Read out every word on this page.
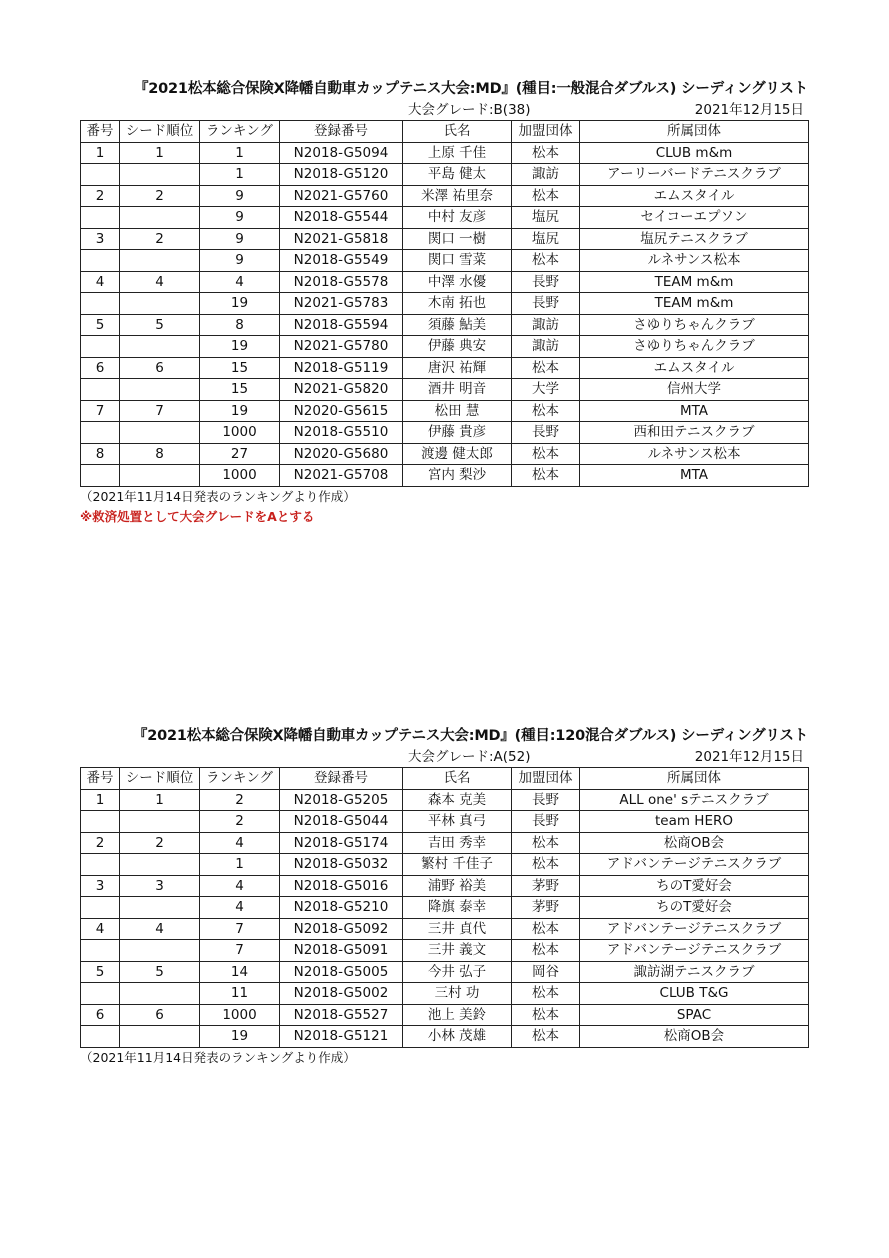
『2021松本総合保険X降幡自動車カップテニス大会:MD』(種目:一般混合ダブルス) シーディングリスト
大会グレード:B(38)	2021年12月15日
番号	シード順位	ランキング	登録番号	氏名	加盟団体	所属団体
1	1	1	N2018-G5094	上原 千佳	松本	CLUB m&m
		1	N2018-G5120	平島 健太	諏訪	アーリーバードテニスクラブ
2	2	9	N2021-G5760	米澤 祐里奈	松本	エムスタイル
		9	N2018-G5544	中村 友彦	塩尻	セイコーエプソン
3	2	9	N2021-G5818	関口 一樹	塩尻	塩尻テニスクラブ
		9	N2018-G5549	関口 雪菜	松本	ルネサンス松本
4	4	4	N2018-G5578	中澤 水優	長野	TEAM m&m
		19	N2021-G5783	木南 拓也	長野	TEAM m&m
5	5	8	N2018-G5594	須藤 鮎美	諏訪	さゆりちゃんクラブ
		19	N2021-G5780	伊藤 典安	諏訪	さゆりちゃんクラブ
6	6	15	N2018-G5119	唐沢 祐輝	松本	エムスタイル
		15	N2021-G5820	酒井 明音	大学	信州大学
7	7	19	N2020-G5615	松田 慧	松本	MTA
		1000	N2018-G5510	伊藤 貴彦	長野	西和田テニスクラブ
8	8	27	N2020-G5680	渡邊 健太郎	松本	ルネサンス松本
		1000	N2021-G5708	宮内 梨沙	松本	MTA
（2021年11月14日発表のランキングより作成）
※救済処置として大会グレードをAとする
『2021松本総合保険X降幡自動車カップテニス大会:MD』(種目:120混合ダブルス) シーディングリスト
大会グレード:A(52)	2021年12月15日
番号	シード順位	ランキング	登録番号	氏名	加盟団体	所属団体
1	1	2	N2018-G5205	森本 克美	長野	ALL one' sテニスクラブ
		2	N2018-G5044	平林 真弓	長野	team HERO
2	2	4	N2018-G5174	吉田 秀幸	松本	松商OB会
		1	N2018-G5032	繁村 千佳子	松本	アドバンテージテニスクラブ
3	3	4	N2018-G5016	浦野 裕美	茅野	ちのT愛好会
		4	N2018-G5210	降旗 泰幸	茅野	ちのT愛好会
4	4	7	N2018-G5092	三井 貞代	松本	アドバンテージテニスクラブ
		7	N2018-G5091	三井 義文	松本	アドバンテージテニスクラブ
5	5	14	N2018-G5005	今井 弘子	岡谷	諏訪湖テニスクラブ
		11	N2018-G5002	三村 功	松本	CLUB T&G
6	6	1000	N2018-G5527	池上 美鈴	松本	SPAC
		19	N2018-G5121	小林 茂雄	松本	松商OB会
（2021年11月14日発表のランキングより作成）
